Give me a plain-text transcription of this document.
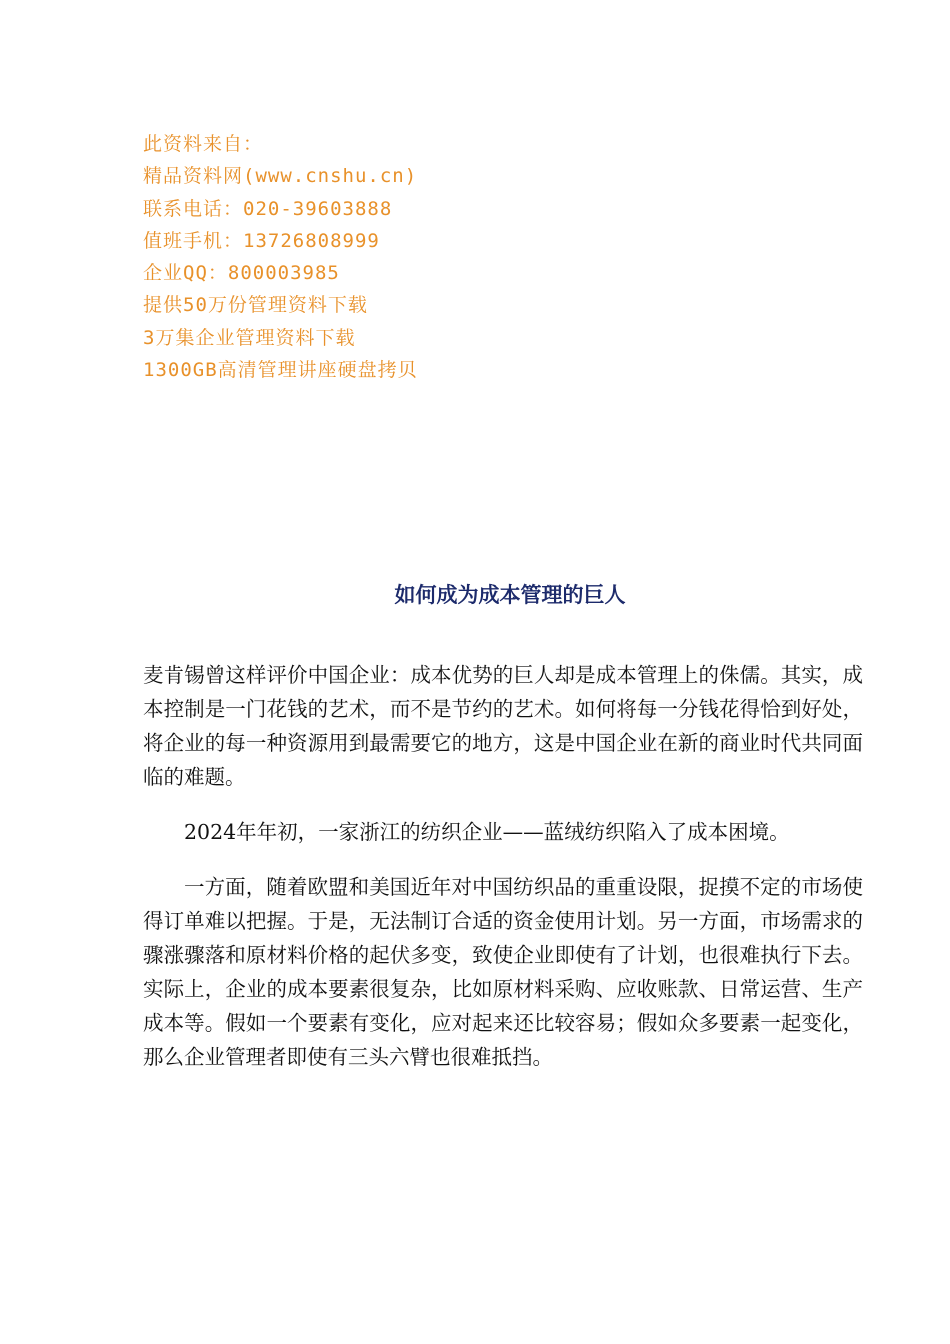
此资料来自：

精品资料网(www.cnshu.cn)

联系电话：020-39603888

值班手机：13726808999

企业QQ：800003985

提供50万份管理资料下载

3万集企业管理资料下载

1300GB高清管理讲座硬盘拷贝

如何成为成本管理的巨人

麦肯锡曾这样评价中国企业：成本优势的巨人却是成本管理上的侏儒。其实，成本控制是一门花钱的艺术，而不是节约的艺术。如何将每一分钱花得恰到好处，将企业的每一种资源用到最需要它的地方，这是中国企业在新的商业时代共同面临的难题。

2024年年初，一家浙江的纺织企业——蓝绒纺织陷入了成本困境。

一方面，随着欧盟和美国近年对中国纺织品的重重设限，捉摸不定的市场使得订单难以把握。于是，无法制订合适的资金使用计划。另一方面，市场需求的骤涨骤落和原材料价格的起伏多变，致使企业即使有了计划，也很难执行下去。实际上，企业的成本要素很复杂，比如原材料采购、应收账款、日常运营、生产成本等。假如一个要素有变化，应对起来还比较容易；假如众多要素一起变化，那么企业管理者即使有三头六臂也很难抵挡。
